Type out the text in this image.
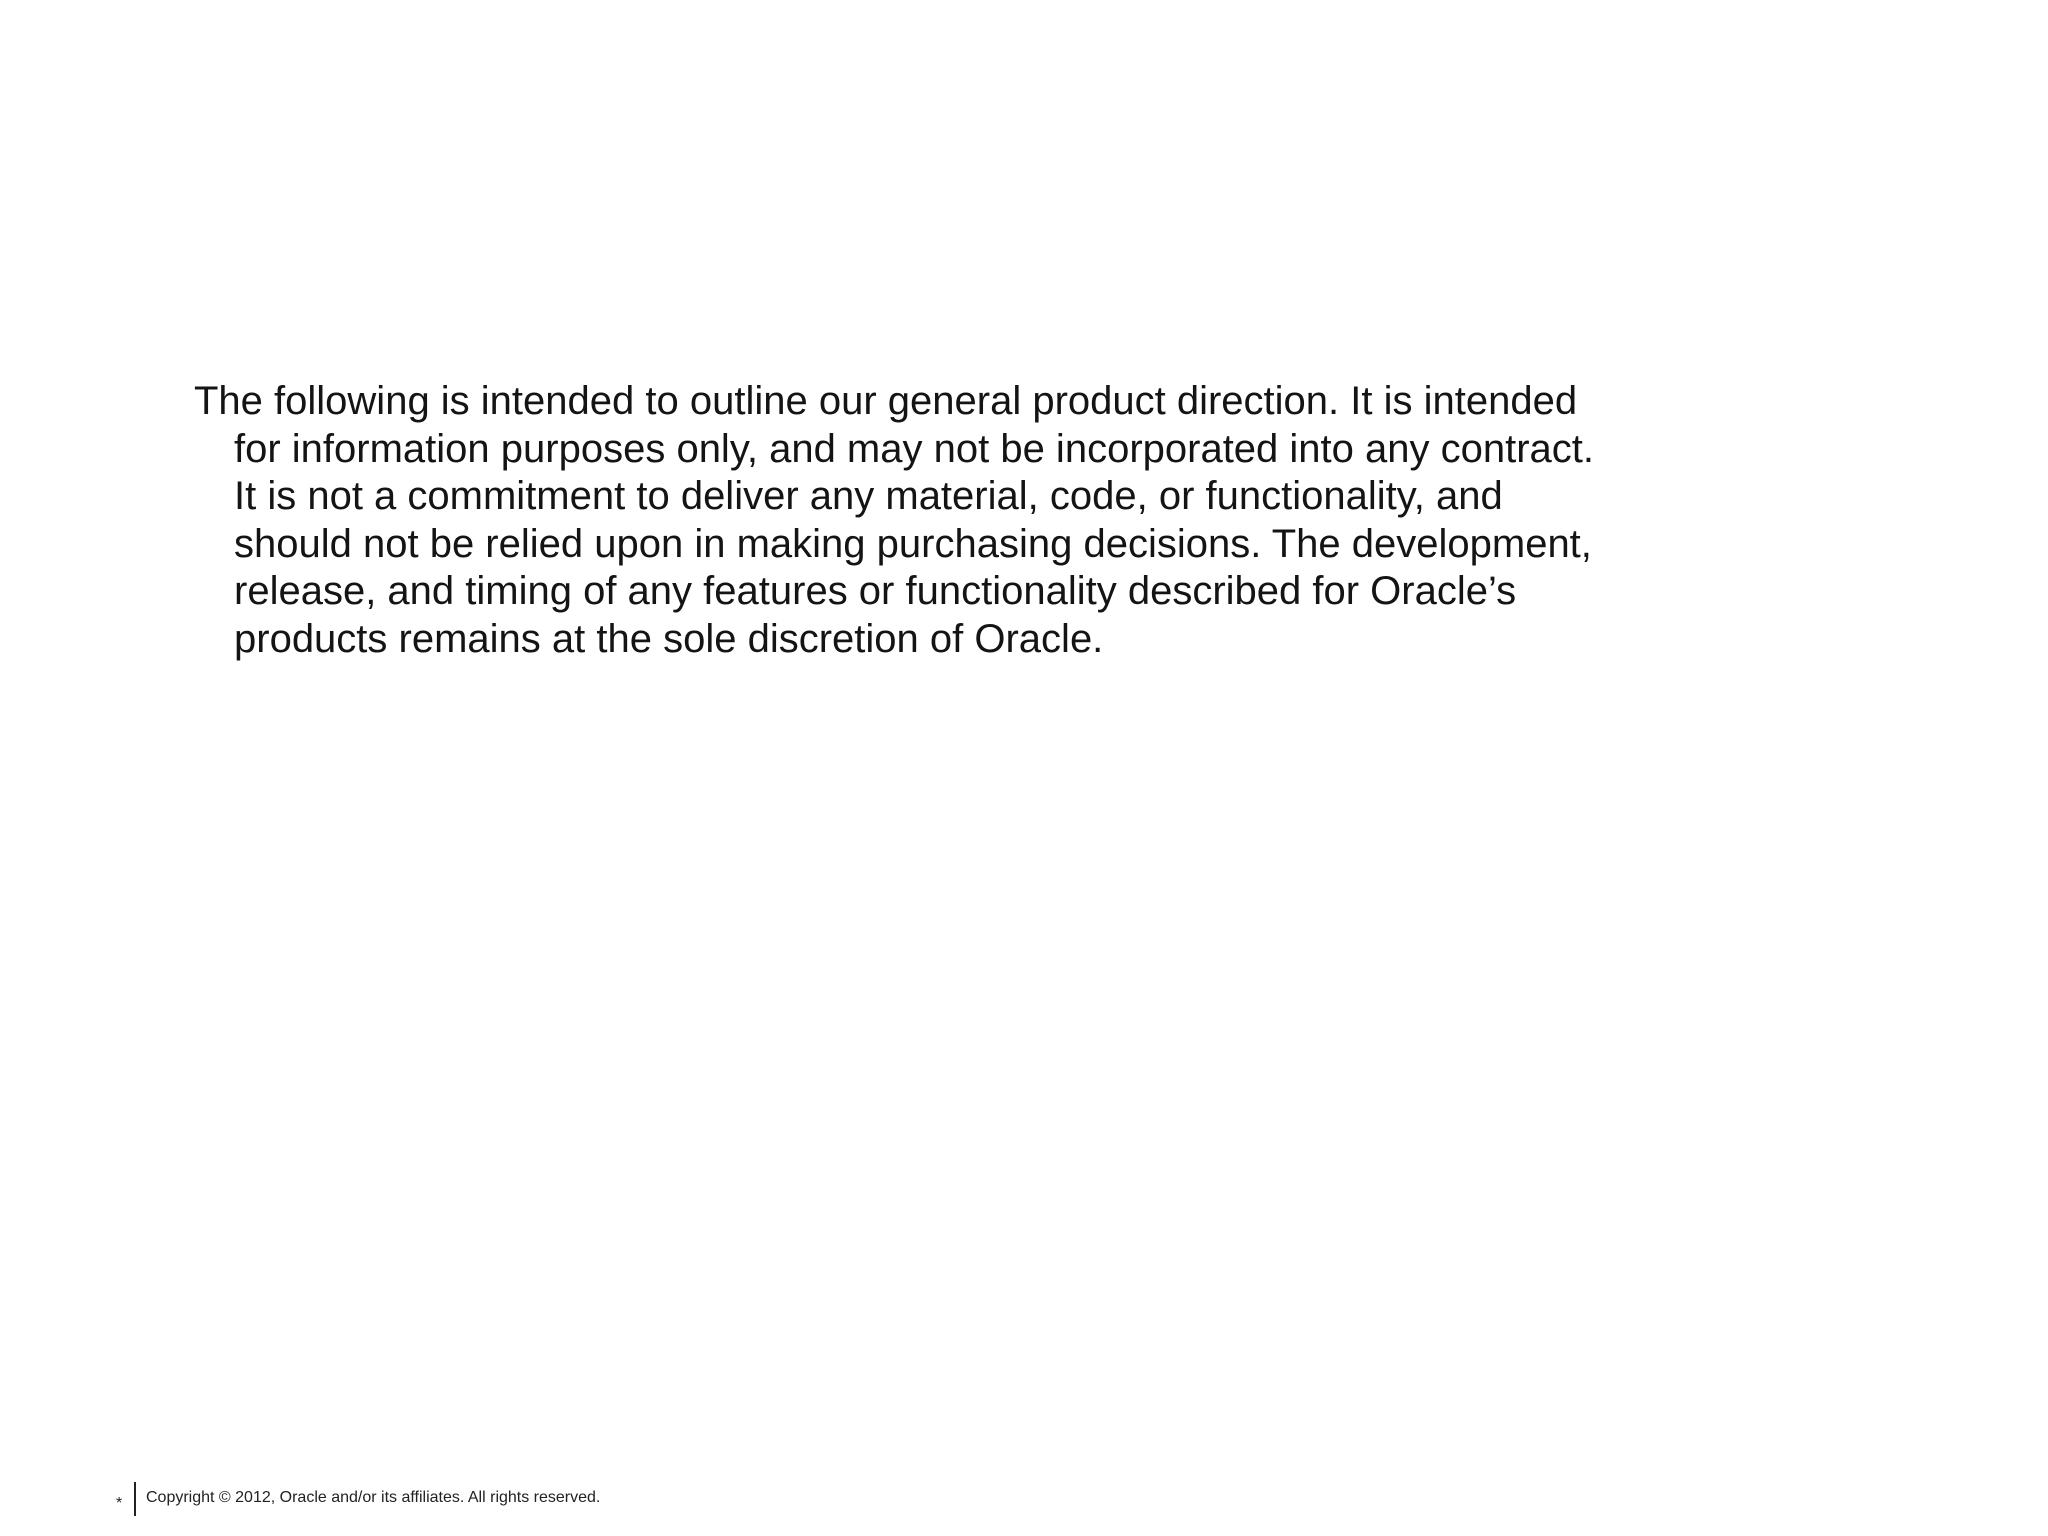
The following is intended to outline our general product direction. It is intended
for information purposes only, and may not be incorporated into any contract.
It is not a commitment to deliver any material, code, or functionality, and
should not be relied upon in making purchasing decisions. The development,
release, and timing of any features or functionality described for Oracle’s
products remains at the sole discretion of Oracle.
*	Copyright © 2012, Oracle and/or its affiliates. All rights reserved.
